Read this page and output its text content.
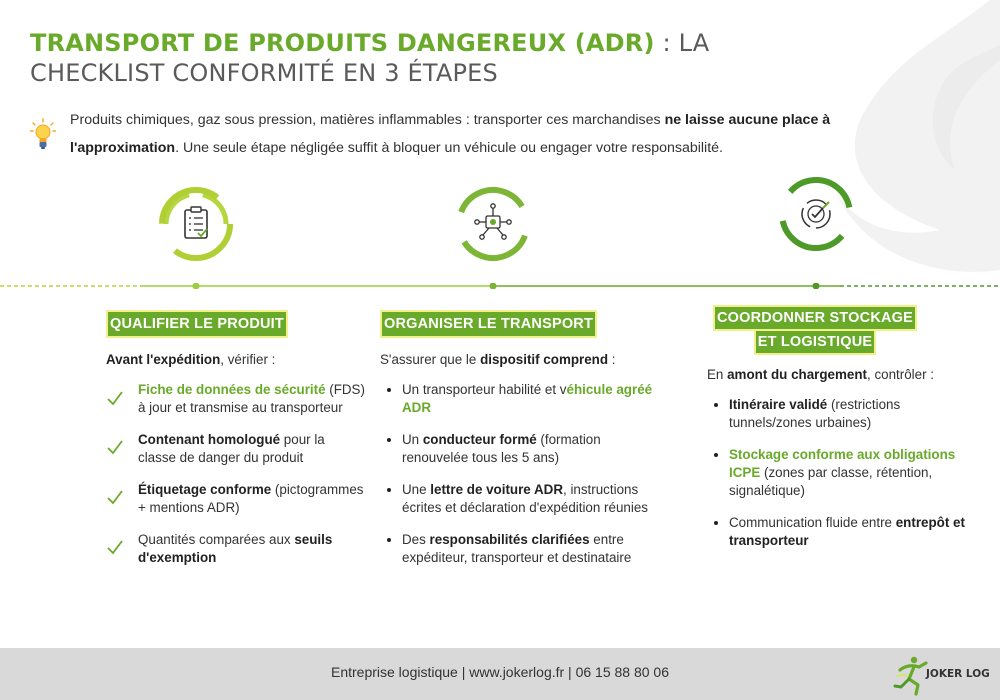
TRANSPORT DE PRODUITS DANGEREUX (ADR) : LA
CHECKLIST CONFORMITÉ EN 3 ÉTAPES
Produits chimiques, gaz sous pression, matières inflammables : transporter ces marchandises ne laisse aucune place à l'approximation. Une seule étape négligée suffit à bloquer un véhicule ou engager votre responsabilité.
QUALIFIER LE PRODUIT
Avant l'expédition, vérifier :
Fiche de données de sécurité (FDS) à jour et transmise au transporteur
Contenant homologué pour la classe de danger du produit
Étiquetage conforme (pictogrammes + mentions ADR)
Quantités comparées aux seuils d'exemption
ORGANISER LE TRANSPORT
S'assurer que le dispositif comprend :
Un transporteur habilité et véhicule agréé ADR
Un conducteur formé (formation renouvelée tous les 5 ans)
Une lettre de voiture ADR, instructions écrites et déclaration d'expédition réunies
Des responsabilités clarifiées entre expéditeur, transporteur et destinataire
COORDONNER STOCKAGE
ET LOGISTIQUE
En amont du chargement, contrôler :
Itinéraire validé (restrictions tunnels/zones urbaines)
Stockage conforme aux obligations ICPE (zones par classe, rétention, signalétique)
Communication fluide entre entrepôt et transporteur
Entreprise logistique | www.jokerlog.fr | 06 15 88 80 06	JOKER LOG
